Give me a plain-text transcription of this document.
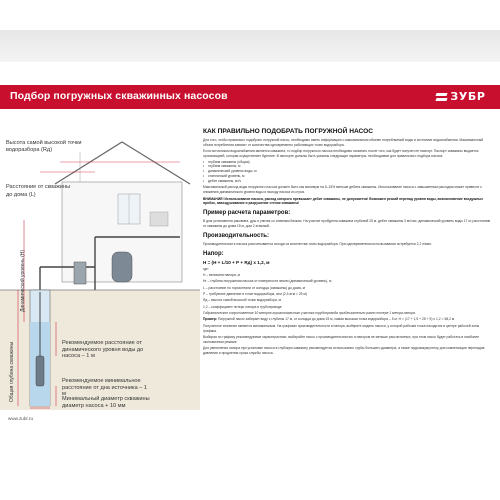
Подбор погружных скважинных насосов	ЗУБР
Высота самой высокой точки водоразбора (Rд)
Расстояние от скважины
до дома (L)
Динамический уровень (H)
Общая глубина скважины	Рекомендуемое расстояние от динамического уровня воды до насоса – 1 м
Рекомендуемое минимальное расстояние от дна источника – 1 м
Минимальный диаметр скважины диаметр насоса + 10 мм
КАК ПРАВИЛЬНО ПОДОБРАТЬ ПОГРУЖНОЙ НАСОС
Для того, чтобы правильно подобрать погружной насос, необходимо иметь информацию о максимальном объеме потребляемой воды и источнике водоснабжения. Максимальный объем потребления зависит от количества одновременно работающих точек водоразбора.
Если источником водоснабжения является скважина, то подбор погружного насоса необходимо начинать после того, как будет получен ее паспорт. Паспорт скважины выдается организацией, которая осуществляет бурение. В паспорте должны быть указаны следующие параметры, необходимые для правильного подбора насоса:
• глубина скважины (общая)
• глубина скважины, м
• динамический уровень воды, м
• статический уровень, м
• дебит скважины, м³/ч
Максимальный расход воды погружного насоса должен быть как минимум на 5–15% меньше дебита скважины. Использование насоса с завышенным расходом может привести к снижению динамического уровня воды и выходу насоса из строя.
ВНИМАНИЕ! Использование насоса, расход которого превышает дебит скважины, не допускается! Возможен резкий перепад уровня воды, возникновение воздушных пробок, завоздушивание и разрушение стенок скважины!
Пример расчета параметров:
В дом установлена раковина, душ и унитаз со сливным бачком. На участке пробурена скважина глубиной 25 м, дебит скважины 3 м³/час; динамический уровень воды 17 м; расстояние от скважины до дома 15 м, дом 2 этажный.
Производительность:
Производительность насоса рассчитывается исходя из количества точек водоразбора. При одновременном использовании потребуется 2,2 л/мин.
Напор:
H = (Н + L/10 + Р + Rд) х 1,2, м
где:
Н – величина напора, м
Нг – глубина погружения насоса от поверхности земли (динамический уровень), м
L – расстояние по горизонтали от колодца (скважины) до дома, м
Р – требуемое давление в точке водоразбора, атм (2,5 атм = 25 м)
Rд – высота самой высокой точки водоразбора, м
1,2 – коэффициент потерь напора в трубопроводе
Гидравлическое сопротивление 10 метров горизонтального участка трубопровода приблизительно равно потере 1 метра напора.
Пример: Погружной насос забирает воду с глубины 17 м, от колодца до дома 15 м, самая высокая точка водоразбора – 5 м. Н = (17 + 1,5 + 25 + 5) х 1,2 = 58,2 м
Полученное значение является минимальным. На графиках производительности и напора, выберите модель насоса, у которой рабочая точка находится в центре рабочей зоны графика.
Выбирая по графику рекомендуемые характеристики, выбирайте насос с производительностью и напором не меньше рассчитанных, при этом насос будет работать в наиболее экономичном режиме.
Для увеличения напора при установке насоса в глубокую скважину рекомендуется использовать трубы большего диаметра, а также гидроаккумулятор для компенсации перепадов давления и продления срока службы насоса.
www.zubr.ru
